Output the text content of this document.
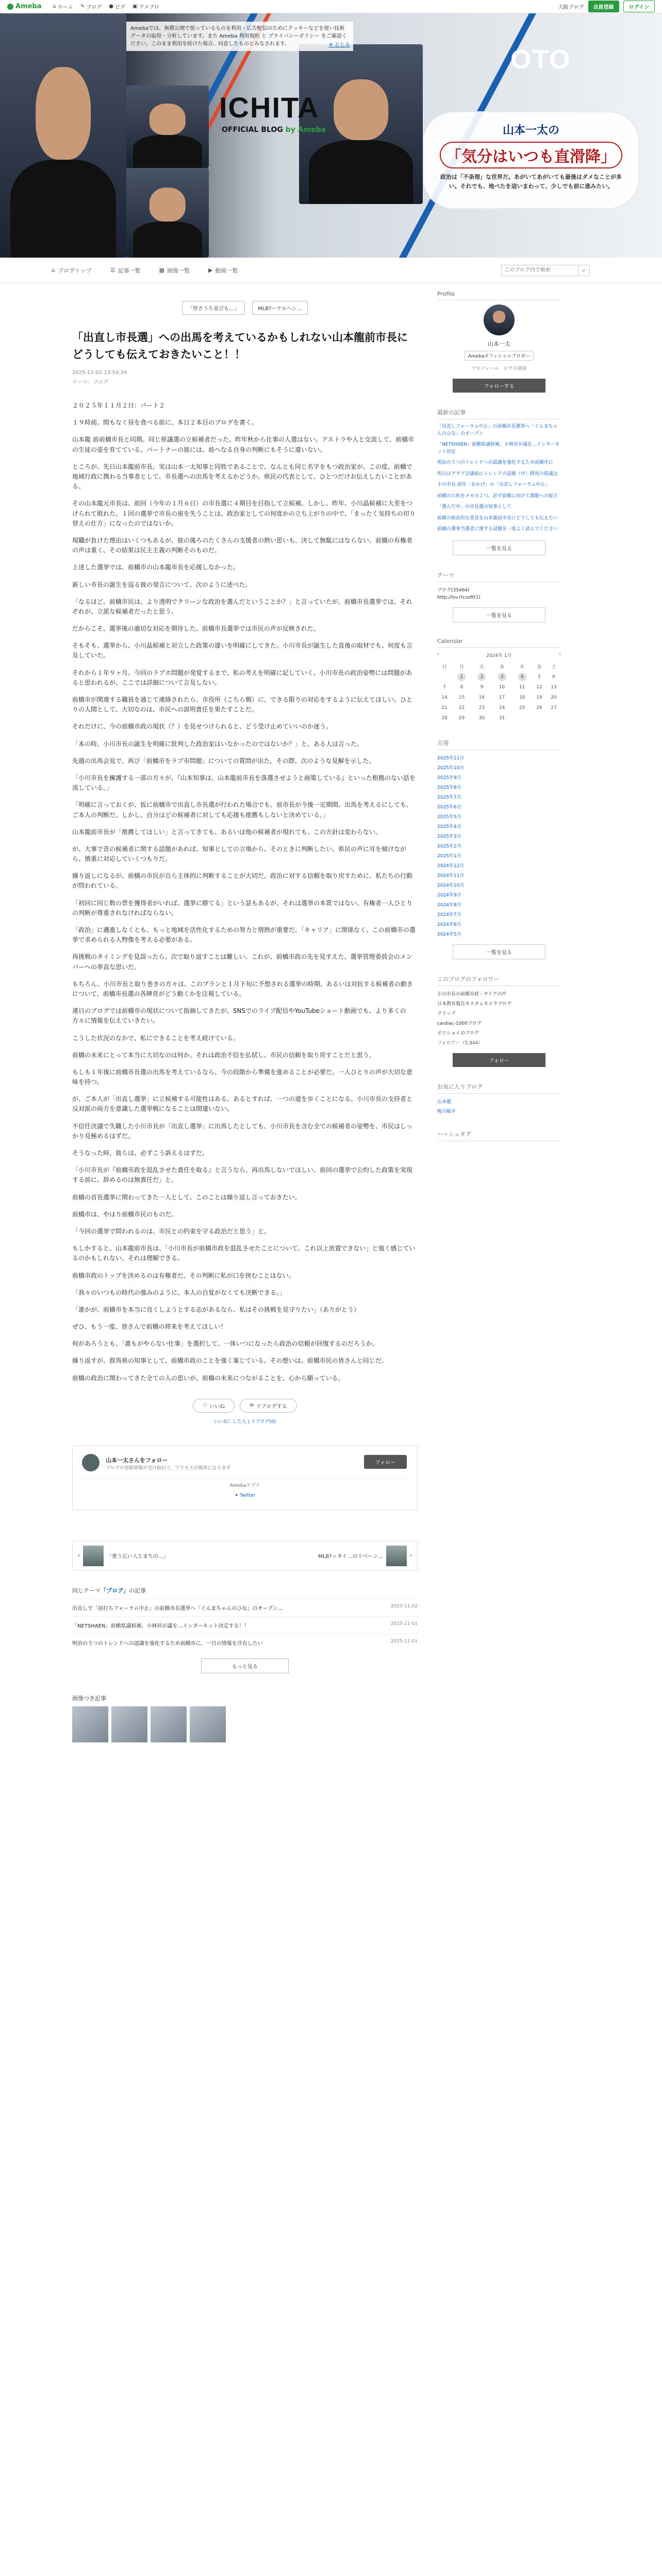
Ameba ⌂ ホーム ✎ ブログ ● ピグ ▣ アメブロ	大阪ブログ	会員登録	ログイン
Amebaでは、無償公開で使っているものを利用・広告配信のためにクッキーなどを使い技術データの取得・分析しています。また Ameba 利用規約 と プライバシーポリシー をご確認ください。このまま利用を続けた場合、同意したものとみなされます。	✕ とじる
ICHITA
OTO
OFFICIAL BLOG by Ameba	山本一太の
「気分はいつも直滑降」
政治は「不条理」な世界だ。あがいてあがいても最後はダメなことが多い。それでも、地べたを這いまわって、少しでも前に進みたい。
⌂ ブログトップ	☰ 記事一覧	▦ 画像一覧	▶ 動画一覧
このブログ内で検索	⌕
「厚さうち並びも…」	MLB?ーナルヘン…
「出直し市長選」への出馬を考えているかもしれない山本龍前市長にどうしても伝えておきたいこと！！
2025-11-02 13:54:34
テーマ：ブログ

２０２５年１１月２日：パート２

１９時前。間もなく昼を食べる前に、本日２本目のブログを書く。

山本龍 前前橋市長と同期。同じ県議選の立候補者だった。昨年秋から仕事の人選はない。アストラや人と交流して、前橋市の生徒の姿を育てている。パートナーの彼には、前へなる自身の判断にもそうに違いない。

ところが、先日山本龍前市長。実は山本一太知事と同姓であることで、なんとも同じ名字をもつ政治家が、この度、前橋で地域行政に携わる当事者として、市長選への出馬を考えるかどうか。県民の代表として、ひとつだけお伝えしたいことがある。

その山本龍元市長は、前回（今年の１月６日）の市長選に４期目を目指して立候補。しかし、昨年、小川晶候補に大差をつけられて敗れた。１回の選挙で市長の座を失うことは、政治家としての何度かの立ち上がりの中で、「まったく気持ちの切り替えの仕方」になったのではないか。

現職が負けた理由はいくつもあるが、彼の後ろのたくさんの支援者の熱い思いも、決して無駄にはならない。前橋の有権者の声は重く、その結果は民主主義の判断そのものだ。

上述した選挙では、前橋市の山本龍市長を応援しなかった。

新しい市長の誕生を巡る彼の発言について、次のように述べた。

「なるほど。前橋市民は、より透明でクリーンな政治を選んだということか？」と言っていたが、前橋市長選挙では、それぞれが、立派な候補者だったと思う。

だからこそ、選挙後の適切な対応を期待した。前橋市長選挙では市民の声が反映された。

そもそも、選挙から、小川晶候補と対立した政策の違いを明確にしてきた。小川市長が誕生した直後の取材でも、何度も言及していた。

それから１年９ヶ月。今回のラブホ問題が発覚するまで、私の考えを明確に記していく。小川市長の政治姿勢には問題があると思われるが、ここでは詳細について言及しない。

前橋市が関連する職員を通じて連絡されたら、市役所（こちら側）に、できる限りの対応をするように伝えてほしい。ひとりの人間として、大切なのは、市民への説明責任を果たすことだ。

それだけに、今の前橋市政の現状（？）を見せつけられると、どう受け止めていいのか迷う。

「本の時、小川市長の誕生を明確に批判した政治家はいなかったのではないか？」と、ある人は言った。

先週の出馬会見で、再び「前橋市をラブ市問題」についての質問が出た。その際、次のような見解を示した。

「小川市長を擁護する一部の方々が、『山本知事は、山本龍前市長を落選させようと画策している』といった根拠のない話を流している。」

「明確に言っておくが、仮に前橋市で出直し市長選が行われた場合でも、前市長が今後一定期間、出馬を考えるにしても、ご本人の判断だ。しかし、自分はどの候補者に対しても応援も推薦もしないと決めている。」

山本龍前市長が「推薦してほしい」と言ってきても、あるいは他の候補者が現れても、この方針は変わらない。

が、大事で昔の候補者に関する話題があれば、知事としての立場から、そのときに判断したい。県民の声に耳を傾けながら、慎重に対応していくつもりだ。

繰り返しになるが、前橋の市民が自ら主体的に判断することが大切だ。政治に対する信頼を取り戻すために、私たちの行動が問われている。

「初回に同じ数の票を獲得者がいれば、選挙に勝てる」という話もあるが、それは選挙の本質ではない。有権者一人ひとりの判断が尊重されなければならない。

「政治」に邁進しなくとも、もっと地域を活性化するための努力と情熱が重要だ。「キャリア」に関係なく、この前橋市の選挙で求められる人物像を考える必要がある。

再挑戦のタイミングを見誤ったら、次で取り返すことは難しい。これが、前橋市政の先を見すえた、選挙管理委員会のメンバーへの率直な思いだ。

もちろん、小川市長と取り巻きの方々は、このプランと１月下旬に予想される選挙の時期、あるいは対抗する候補者の動きについて、前橋市長選の各陣営がどう動くかを注視している。

連日のブログでは前橋市の現状について指摘してきたが、SNSでのライブ配信やYouTubeショート動画でも、より多くの方々に情報を伝えていきたい。

こうした状況のなかで、私にできることを考え続けている。

前橋の未来にとって本当に大切なのは何か。それは政治不信を払拭し、市民の信頼を取り戻すことだと思う。

もしも１年後に前橋市長選の出馬を考えているなら、今の段階から準備を進めることが必要だ。一人ひとりの声が大切な意味を持つ。

が、ご本人が「出直し選挙」に立候補する可能性はある。あるとすれば、一つの道を歩くことになる。小川市長の支持者と反対派の両方を意識した選挙戦になることは間違いない。

不信任決議で失職した小川市長が「出直し選挙」に出馬したとしても、小川市長を含む全ての候補者の姿勢を、市民はしっかり見極めるはずだ。

そうなった時、彼らは、必ずこう訴えるはずだ。

「小川市長が『前橋市政を混乱させた責任を取る』と言うなら、再出馬しないでほしい。前回の選挙で公約した政策を実現する前に、辞めるのは無責任だ」と。

前橋の首長選挙に関わってきた一人として、このことは繰り返し言っておきたい。

前橋市は、やはり前橋市民のものだ。

「今回の選挙で問われるのは、市民との約束を守る政治だと思う」と。

もしかすると、山本龍前市長は、「小川市長が前橋市政を混乱させたことについて、これ以上放置できない」と強く感じているのかもしれない。それは理解できる。

前橋市政のトップを決めるのは有権者だ。その判断に私が口を挟むことはない。

「我々のいつもの時代の強みのように、本人の自覚がなくても決断できる。」

「誰かが、前橋市を本当に良くしようとする志があるなら、私はその挑戦を見守りたい」（ありがとう）

ぜひ、もう一度、皆さんで前橋の将来を考えてほしい！

何があろうとも、「誰もがやらない仕事」を選択して、一体いつになったら政治の信頼が回復するのだろうか。

繰り返すが、群馬県の知事として、前橋市政のことを強く案じている。その想いは、前橋市民の皆さんと同じだ。

前橋の政治に関わってきた全ての人の思いが、前橋の未来につながることを、心から願っている。

♡ いいね	⟳ リブログする
いいね！した人 | リブログ(0)
山本一太さんをフォロー
ブログの更新情報が受け取れて、アクセスが簡単になります
フォロー
Amebaアプリ
✦ Twitter
‹	「衆う広い人とまちの…」	MLB?ッタイ…のリベーン…	›
同じテーマ「ブログ」の記事
出直しで「前打ちフォーラム中止」の前橋市長選挙へ「ぐんまちゃんのひな」のオープン…	2025-11-02
「NETSHAEN」前橋県議候補、小林昇が議を…インターネット決定する！！	2025-11-01
明治の５つのトレンドへの認識を強化するため前橋市に、一日の情報を共有したい	2025-11-01
もっと見る
画像つき記事
Profile
山本一太
Amebaオフィシャルブロガー
プロフィール　ピグの部屋
フォローする
最新の記事
「出直しフォーラム中止」の前橋市長選挙へ「ぐんまちゃんのひな」のオープン
「NETSHAEN」前橋県議候補、小林昇が議を…インターネット決定
明治の５つのトレンドへの認識を強化するため前橋市に
明日はグラブ会議前にトレンドの話題（中）群馬の県議会
小川市長 辞任「おかげ」の「出直しフォーラム中止」
前橋の公約をメモの２つ、必ず前橋に向けて課題への提言
「選んだ中」の市長選の知事として
前橋の政治的な意見を山本龍前市長にどうしても伝えたい
前橋の選挙当選者に関する話題を一度よく読んでください
一覧を見る
テーマ
ブログ(35464)
http://lsv.rtcsoft(1)
一覧を見る
Calendar
‹	2024年 1月	›
日	月	火	水	木	金	土
	1	2	3	4	5	6
7	8	9	10	11	12	13
14	15	16	17	18	19	20
21	22	23	24	25	26	27
28	29	30	31			
月別
2025年11月
2025年10月
2025年9月
2025年8月
2025年7月
2025年6月
2025年5月
2025年4月
2025年3月
2025年2月
2025年1月
2024年12月
2024年11月
2024年10月
2024年9月
2024年8月
2024年7月
2024年6月
2024年5月
一覧を見る
このブログのフォロワー
小川市長の前橋市政・サイアの声
日本教育報告カスタムカメラブログ
クリップ
cardiac-1000ブログ
ボリショイのブログ
フォロワー（5,944）
フォロー
お気に入りブログ
山本龍
梅川順平
ハッシュタグ
